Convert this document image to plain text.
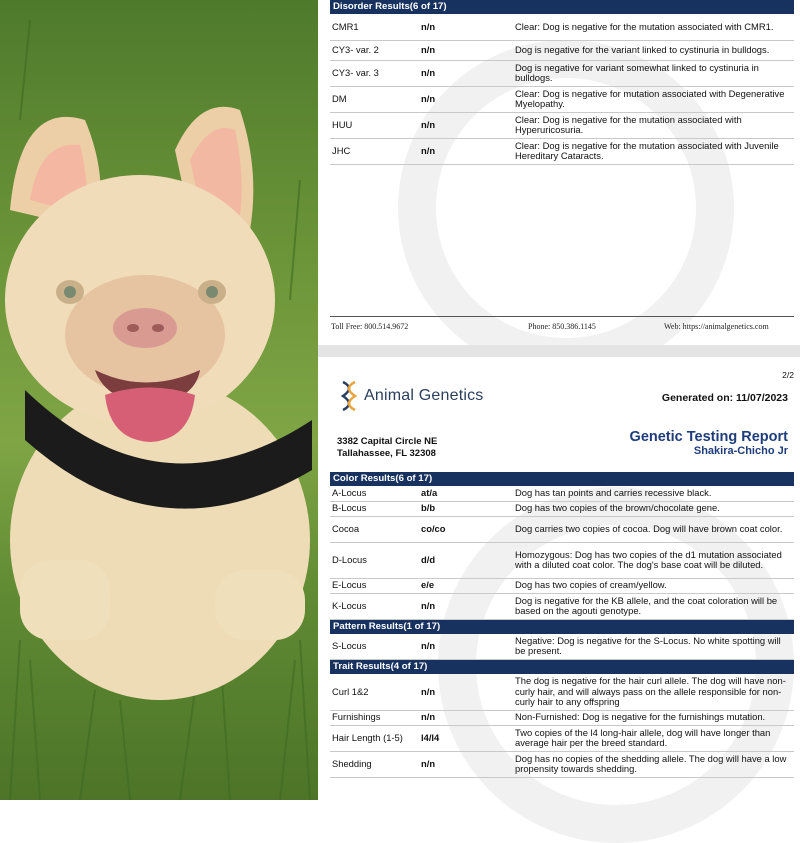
Disorder Results(6 of 17)
CMR1	n/n	Clear: Dog is negative for the mutation associated with CMR1.
CY3- var. 2	n/n	Dog is negative for the variant linked to cystinuria in bulldogs.
CY3- var. 3	n/n	Dog is negative for variant somewhat linked to cystinuria in bulldogs.
DM	n/n	Clear: Dog is negative for mutation associated with Degenerative Myelopathy.
HUU	n/n	Clear: Dog is negative for the mutation associated with Hyperuricosuria.
JHC	n/n	Clear: Dog is negative for the mutation associated with Juvenile Hereditary Cataracts.
Toll Free: 800.514.9672	Phone: 850.386.1145	Web: https://animalgenetics.com
2/2
Animal Genetics	Generated on: 11/07/2023
3382 Capital Circle NE
Tallahassee, FL 32308
Genetic Testing Report
Shakira-Chicho Jr
Color Results(6 of 17)
A-Locus	at/a	Dog has tan points and carries recessive black.
B-Locus	b/b	Dog has two copies of the brown/chocolate gene.
Cocoa	co/co	Dog carries two copies of cocoa. Dog will have brown coat color.
D-Locus	d/d	Homozygous: Dog has two copies of the d1 mutation associated with a diluted coat color. The dog's base coat will be diluted.
E-Locus	e/e	Dog has two copies of cream/yellow.
K-Locus	n/n	Dog is negative for the KB allele, and the coat coloration will be based on the agouti genotype.
Pattern Results(1 of 17)
S-Locus	n/n	Negative: Dog is negative for the S-Locus. No white spotting will be present.
Trait Results(4 of 17)
Curl 1&2	n/n	The dog is negative for the hair curl allele. The dog will have non-curly hair, and will always pass on the allele responsible for non-curly hair to any offspring
Furnishings	n/n	Non-Furnished: Dog is negative for the furnishings mutation.
Hair Length (1-5)	l4/l4	Two copies of the l4 long-hair allele, dog will have longer than average hair per the breed standard.
Shedding	n/n	Dog has no copies of the shedding allele. The dog will have a low propensity towards shedding.
